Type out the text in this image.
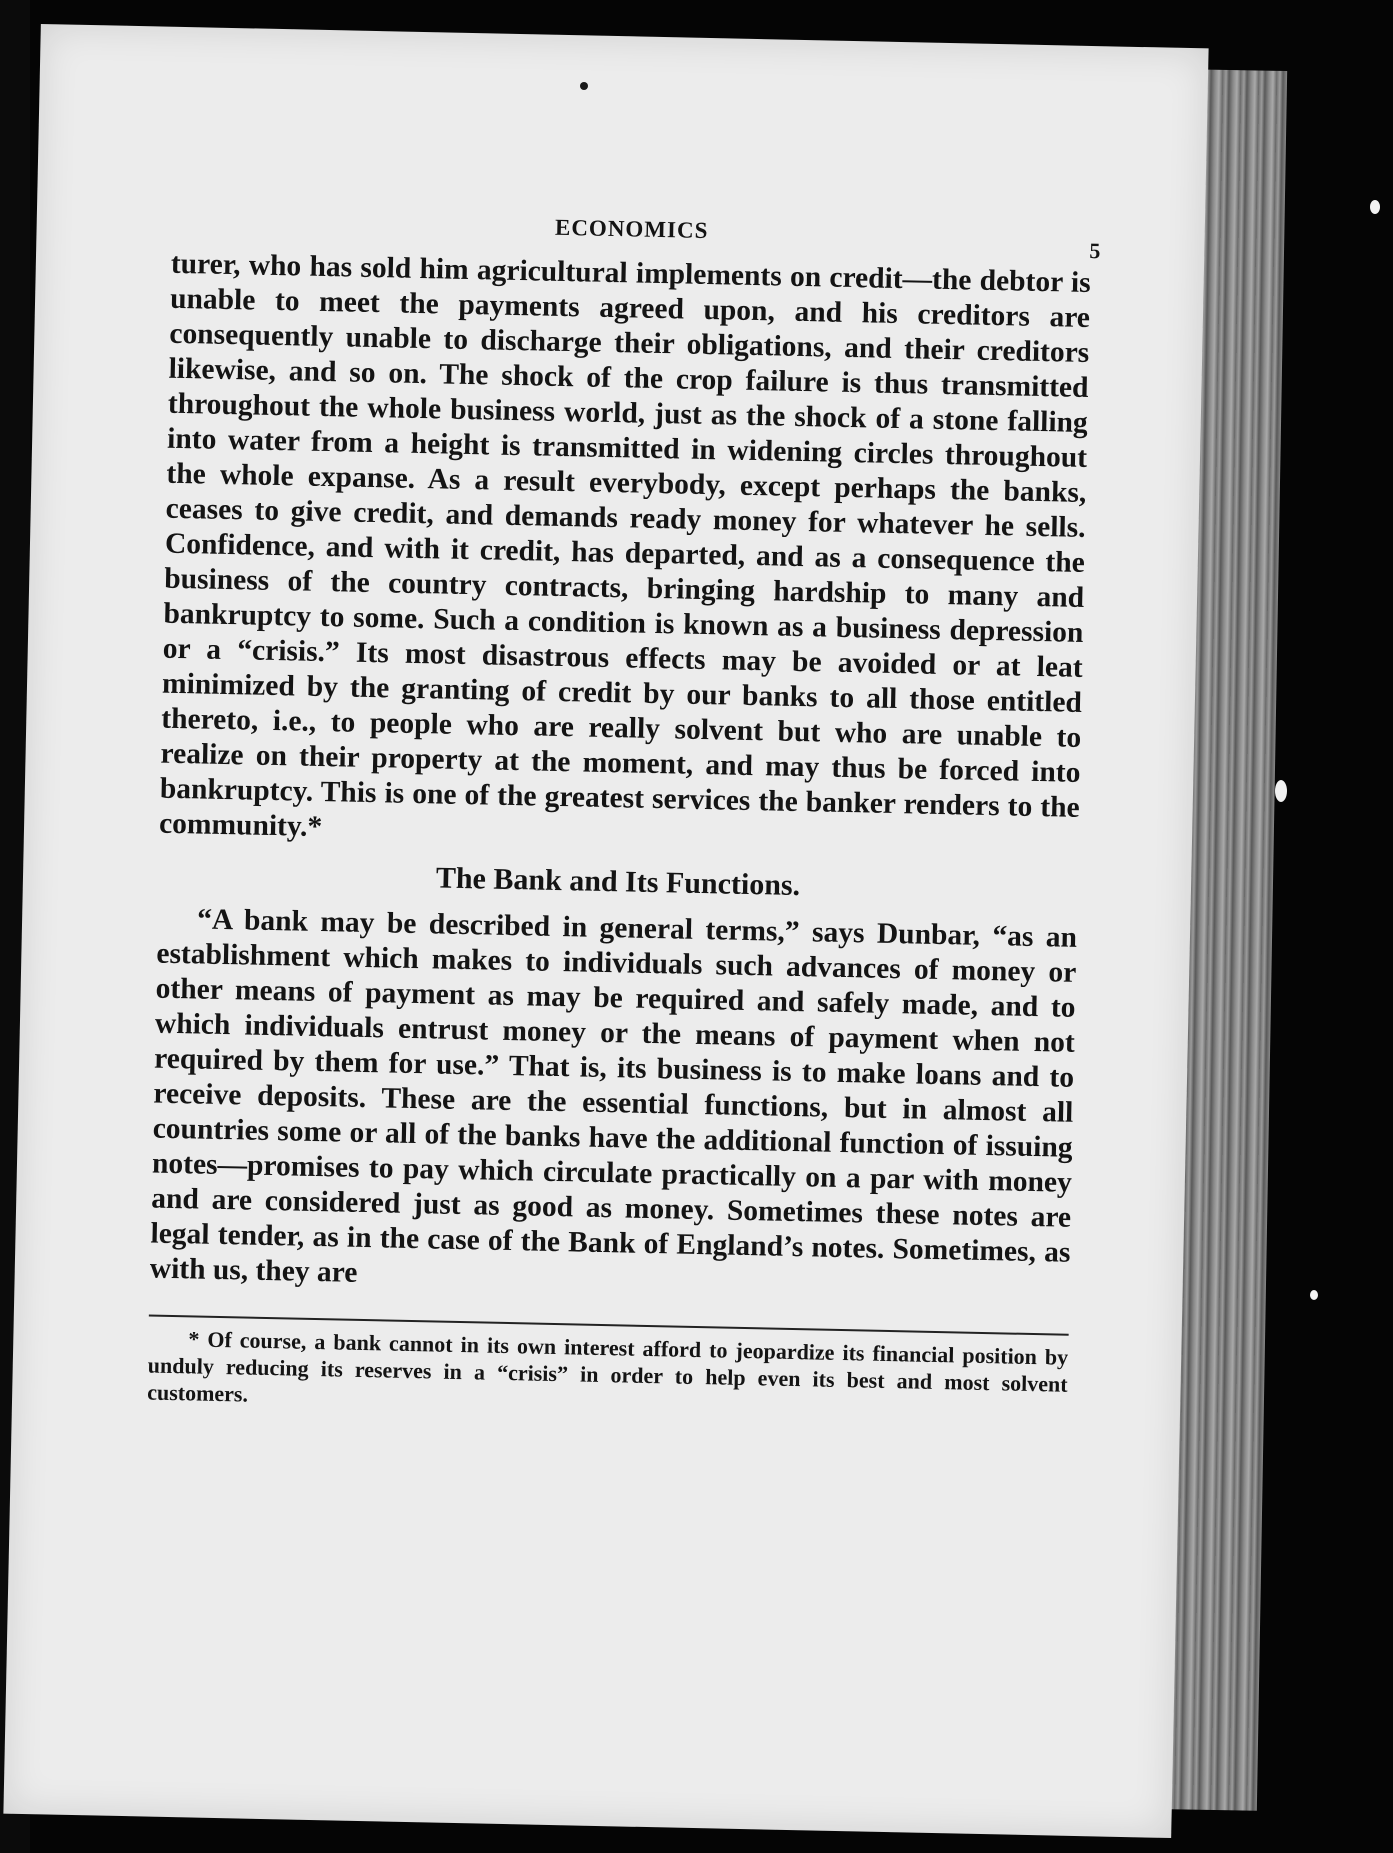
ECONOMICS
5

turer, who has sold him agricultural implements on credit—the debtor is unable to meet the payments agreed upon, and his creditors are consequently unable to discharge their obligations, and their creditors likewise, and so on. The shock of the crop failure is thus transmitted throughout the whole business world, just as the shock of a stone falling into water from a height is transmitted in widening circles throughout the whole expanse. As a result everybody, except perhaps the banks, ceases to give credit, and demands ready money for whatever he sells. Confidence, and with it credit, has departed, and as a consequence the business of the country contracts, bringing hardship to many and bankruptcy to some. Such a condition is known as a business depression or a “crisis.” Its most disastrous effects may be avoided or at leat minimized by the granting of credit by our banks to all those entitled thereto, i.e., to people who are really solvent but who are unable to realize on their property at the moment, and may thus be forced into bankruptcy. This is one of the greatest services the banker renders to the community.*

The Bank and Its Functions.

“A bank may be described in general terms,” says Dunbar, “as an establishment which makes to individuals such advances of money or other means of payment as may be required and safely made, and to which individuals entrust money or the means of payment when not required by them for use.” That is, its business is to make loans and to receive deposits. These are the essential functions, but in almost all countries some or all of the banks have the additional function of issuing notes—promises to pay which circulate practically on a par with money and are considered just as good as money. Sometimes these notes are legal tender, as in the case of the Bank of England’s notes. Sometimes, as with us, they are

* Of course, a bank cannot in its own interest afford to jeopardize its financial position by unduly reducing its reserves in a “crisis” in order to help even its best and most solvent customers.
